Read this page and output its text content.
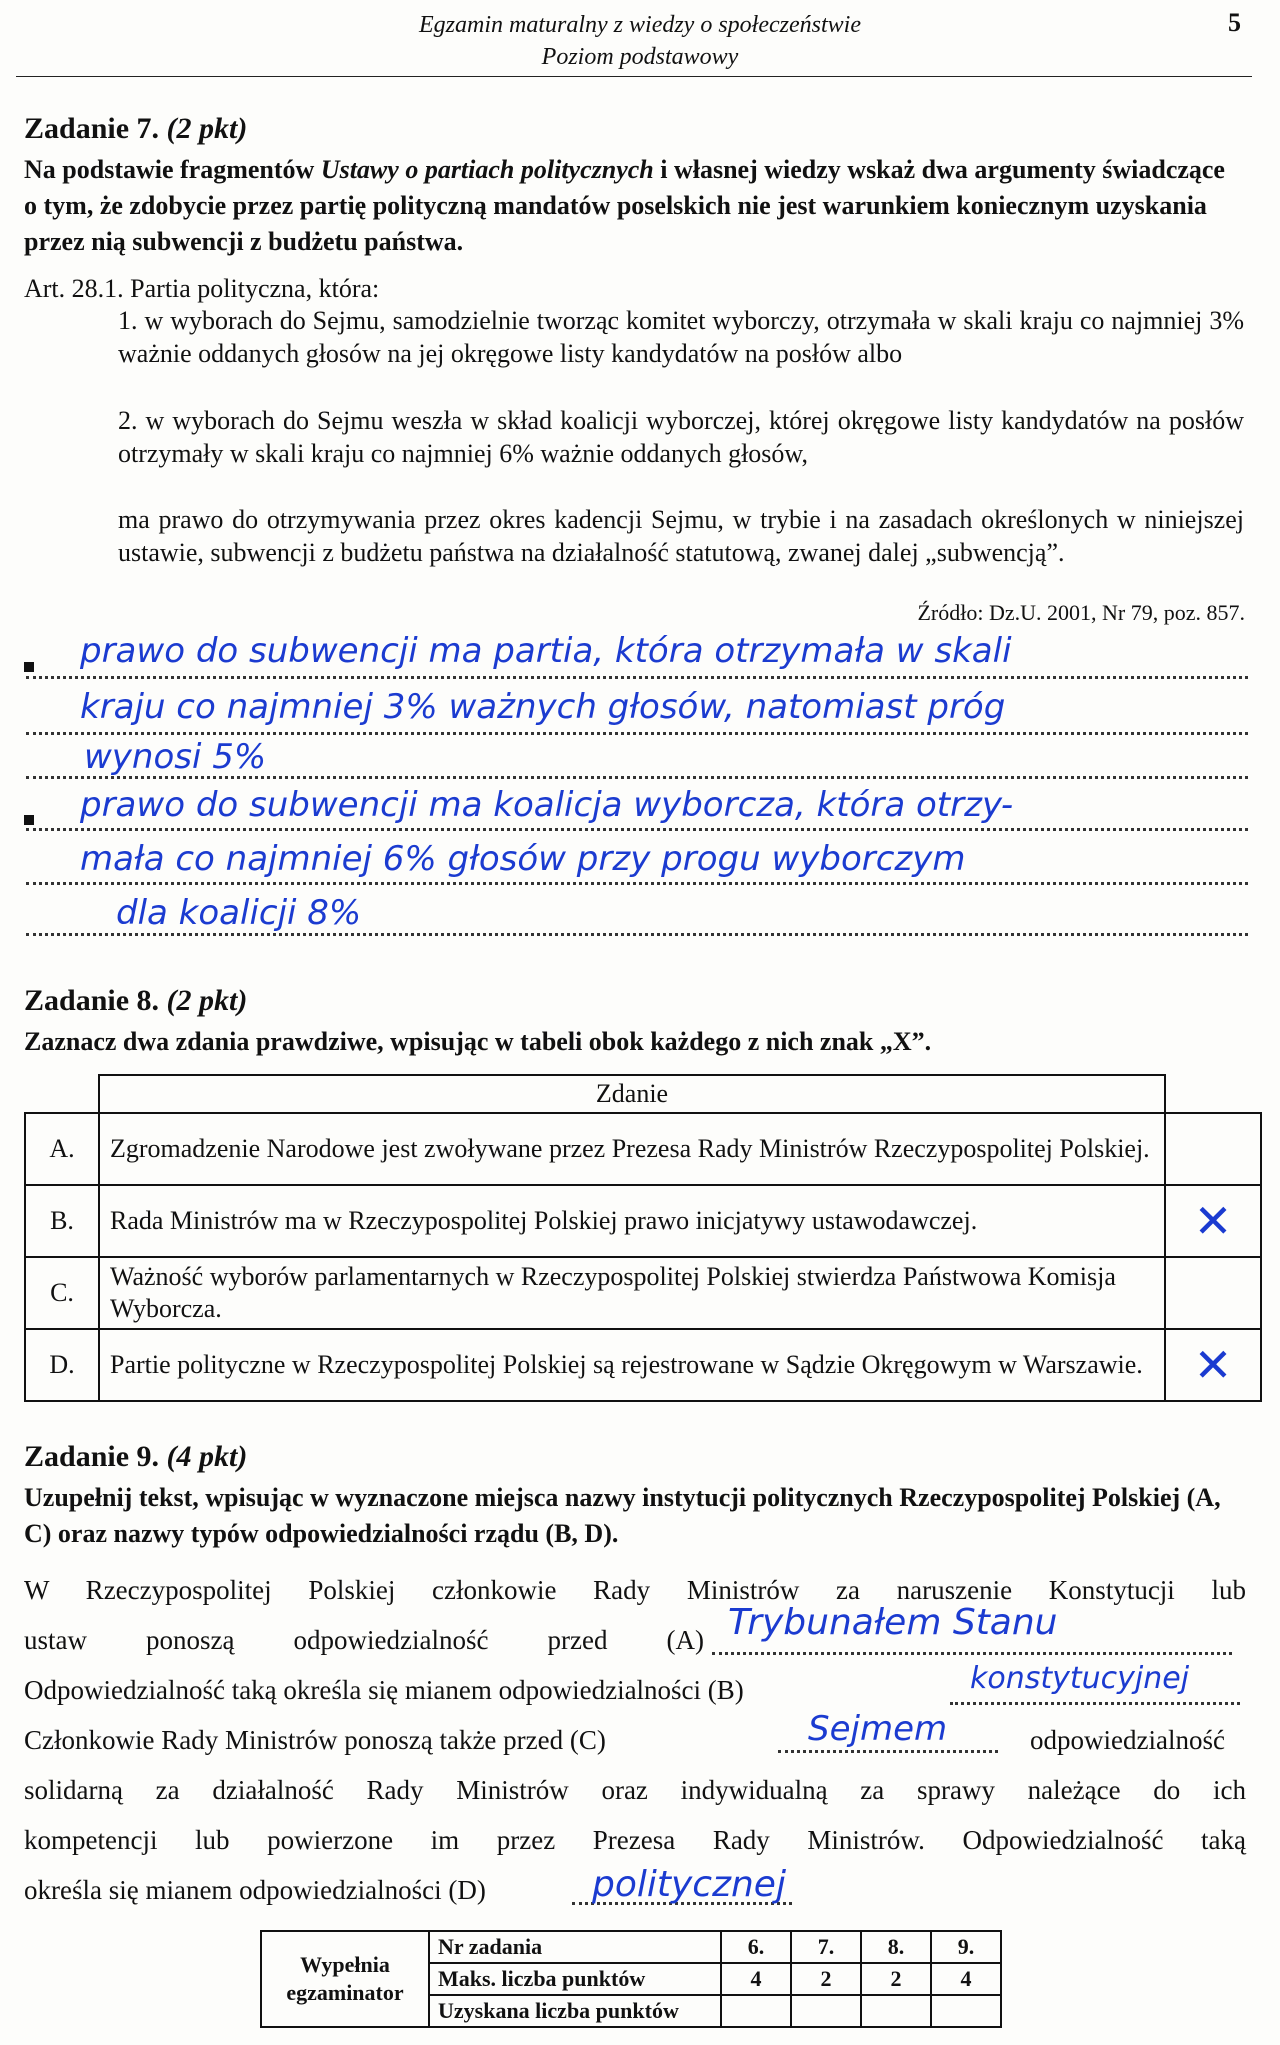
Egzamin maturalny z wiedzy o społeczeństwie
Poziom podstawowy
5
Zadanie 7. (2 pkt)
Na podstawie fragmentów Ustawy o partiach politycznych i własnej wiedzy wskaż dwa argumenty świadczące o tym, że zdobycie przez partię polityczną mandatów poselskich nie jest warunkiem koniecznym uzyskania przez nią subwencji z budżetu państwa.
Art. 28.1. Partia polityczna, która:
1. w wyborach do Sejmu, samodzielnie tworząc komitet wyborczy, otrzymała w skali kraju co najmniej 3% ważnie oddanych głosów na jej okręgowe listy kandydatów na posłów albo
2. w wyborach do Sejmu weszła w skład koalicji wyborczej, której okręgowe listy kandydatów na posłów otrzymały w skali kraju co najmniej 6% ważnie oddanych głosów,
ma prawo do otrzymywania przez okres kadencji Sejmu, w trybie i na zasadach określonych w niniejszej ustawie, subwencji z budżetu państwa na działalność statutową, zwanej dalej „subwencją”.
Źródło: Dz.U. 2001, Nr 79, poz. 857.
prawo do subwencji ma partia, która otrzymała w skali
kraju co najmniej 3% ważnych głosów, natomiast próg
wynosi 5%
prawo do subwencji ma koalicja wyborcza, która otrzy-
mała co najmniej 6% głosów przy progu wyborczym
dla koalicji 8%
Zadanie 8. (2 pkt)
Zaznacz dwa zdania prawdziwe, wpisując w tabeli obok każdego z nich znak „X”.
	Zdanie	
A.	Zgromadzenie Narodowe jest zwoływane przez Prezesa Rady Ministrów Rzeczypospolitej Polskiej.	
B.	Rada Ministrów ma w Rzeczypospolitej Polskiej prawo inicjatywy ustawodawczej.	✕
C.	Ważność wyborów parlamentarnych w Rzeczypospolitej Polskiej stwierdza Państwowa Komisja Wyborcza.	
D.	Partie polityczne w Rzeczypospolitej Polskiej są rejestrowane w Sądzie Okręgowym w Warszawie.	✕
Zadanie 9. (4 pkt)
Uzupełnij tekst, wpisując w wyznaczone miejsca nazwy instytucji politycznych Rzeczypospolitej Polskiej (A, C) oraz nazwy typów odpowiedzialności rządu (B, D).
W Rzeczypospolitej Polskiej członkowie Rady Ministrów za naruszenie Konstytucji lub
ustaw ponoszą odpowiedzialność przed (A) Trybunałem Stanu
Odpowiedzialność taką określa się mianem odpowiedzialności (B)	konstytucyjnej
Członkowie Rady Ministrów ponoszą także przed (C)	Sejmem	odpowiedzialność
solidarną za działalność Rady Ministrów oraz indywidualną za sprawy należące do ich
kompetencji lub powierzone im przez Prezesa Rady Ministrów. Odpowiedzialność taką
określa się mianem odpowiedzialności (D)	politycznej
Wypełnia egzaminator	Nr zadania	6.	7.	8.	9.
	Maks. liczba punktów	4	2	2	4
	Uzyskana liczba punktów				
